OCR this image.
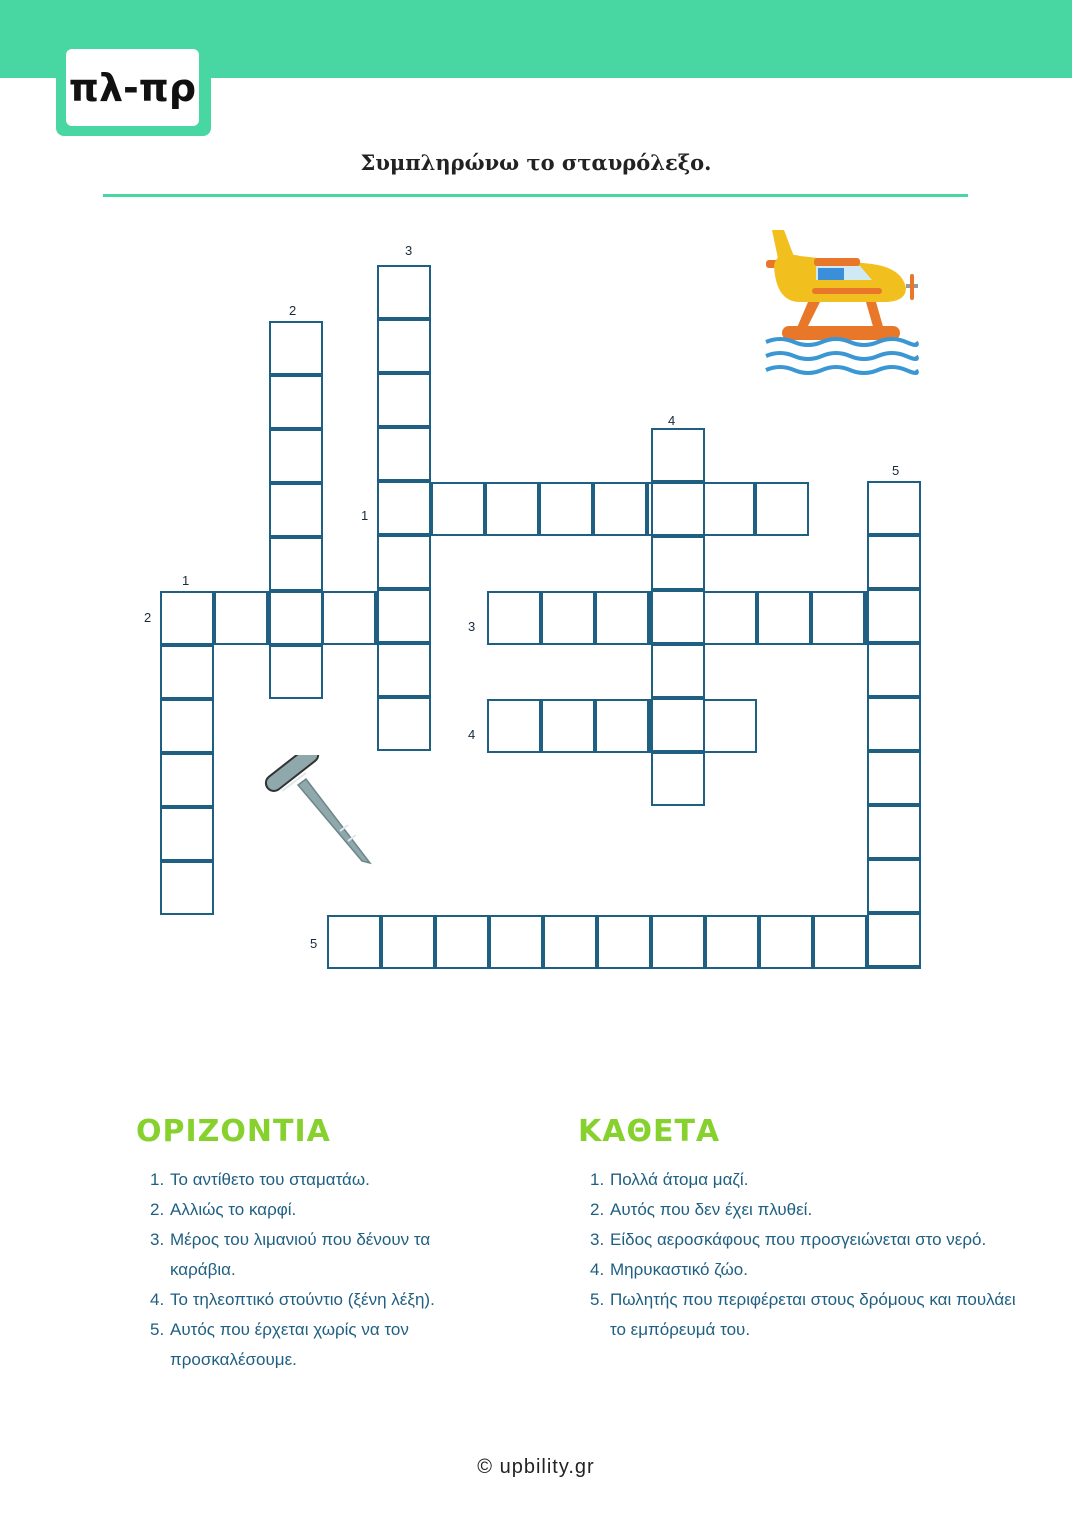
πλ-πρ
Συμπληρώνω το σταυρόλεξο.
1
2
3
4
5
1
2
3
4
5
ΟΡΙΖΟΝΤΙΑ
1. Το αντίθετο του σταματάω.
2. Αλλιώς το καρφί.
3. Μέρος του λιμανιού που δένουν τα καράβια.
4. Το τηλεοπτικό στούντιο (ξένη λέξη).
5. Αυτός που έρχεται χωρίς να τον προσκαλέσουμε.
ΚΑΘΕΤΑ
1. Πολλά άτομα μαζί.
2. Αυτός που δεν έχει πλυθεί.
3. Είδος αεροσκάφους που προσγειώνεται στο νερό.
4. Μηρυκαστικό ζώο.
5. Πωλητής που περιφέρεται στους δρόμους και πουλάει το εμπόρευμά του.
© upbility.gr
